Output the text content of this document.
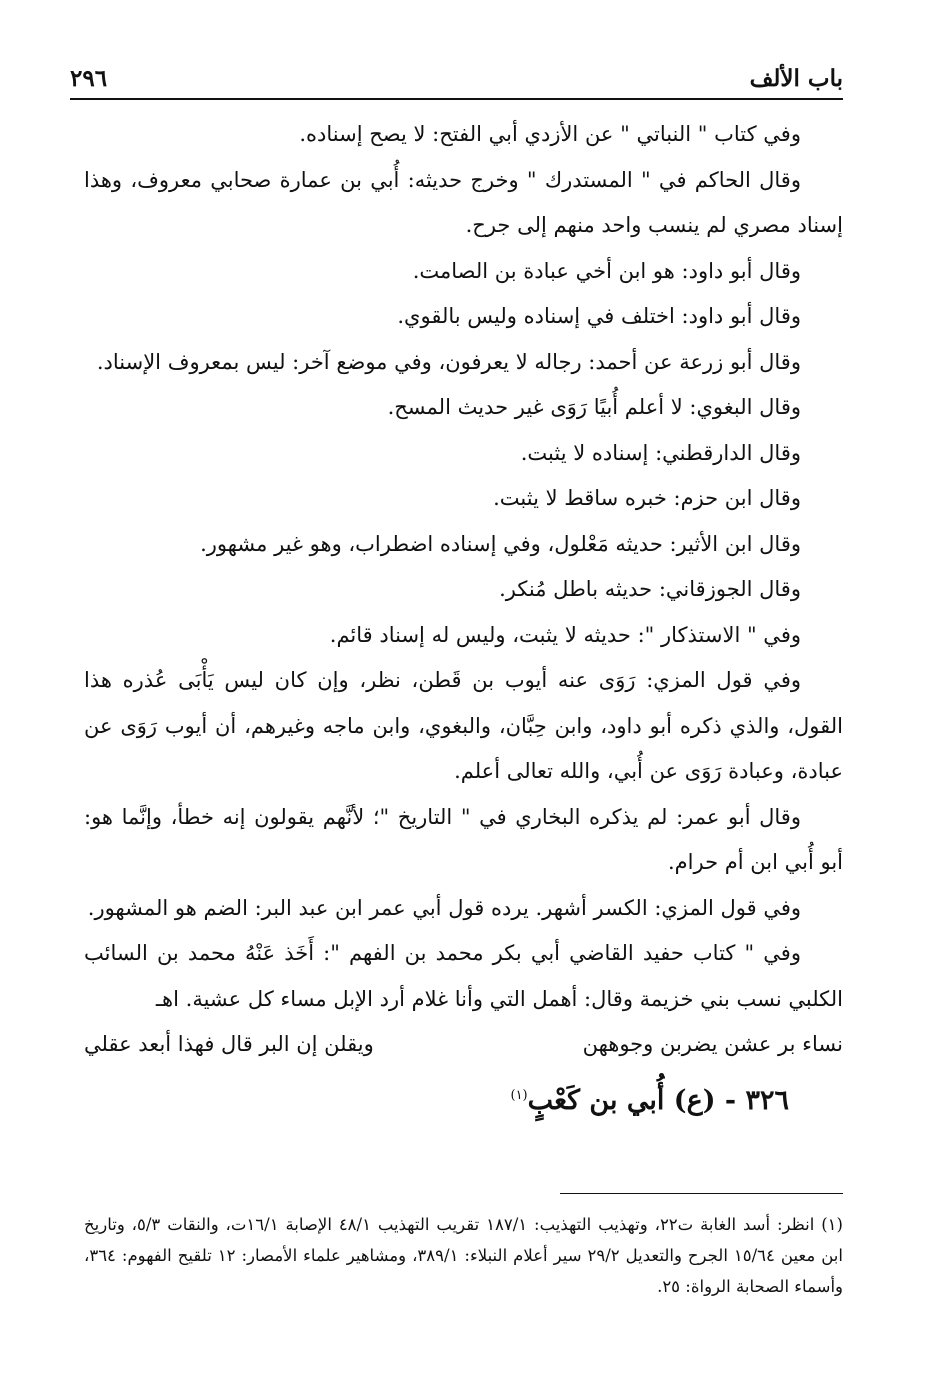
٢٩٦	باب الألف

وفي كتاب " النباتي " عن الأزدي أبي الفتح: لا يصح إسناده.

وقال الحاكم في " المستدرك " وخرج حديثه: أُبي بن عمارة صحابي معروف، وهذا إسناد مصري لم ينسب واحد منهم إلى جرح.

وقال أبو داود: هو ابن أخي عبادة بن الصامت.

وقال أبو داود: اختلف في إسناده وليس بالقوي.

وقال أبو زرعة عن أحمد: رجاله لا يعرفون، وفي موضع آخر: ليس بمعروف الإسناد.

وقال البغوي: لا أعلم أُبيًا رَوَى غير حديث المسح.

وقال الدارقطني: إسناده لا يثبت.

وقال ابن حزم: خبره ساقط لا يثبت.

وقال ابن الأثير: حديثه مَعْلول، وفي إسناده اضطراب، وهو غير مشهور.

وقال الجوزقاني: حديثه باطل مُنكر.

وفي " الاستذكار ": حديثه لا يثبت، وليس له إسناد قائم.

وفي قول المزي: رَوَى عنه أيوب بن قَطن، نظر، وإن كان ليس يَأْبَى عُذره هذا القول، والذي ذكره أبو داود، وابن حِبَّان، والبغوي، وابن ماجه وغيرهم، أن أيوب رَوَى عن عبادة، وعبادة رَوَى عن أُبي، والله تعالى أعلم.

وقال أبو عمر: لم يذكره البخاري في " التاريخ "؛ لأنَّهم يقولون إنه خطأ، وإنَّما هو: أبو أُبي ابن أم حرام.

وفي قول المزي: الكسر أشهر. يرده قول أبي عمر ابن عبد البر: الضم هو المشهور.

وفي " كتاب حفيد القاضي أبي بكر محمد بن الفهم ": أَخَذ عَنْهُ محمد بن السائب الكلبي نسب بني خزيمة وقال: أهمل التي وأنا غلام أرد الإبل مساء كل عشية. اهـ

نساء بر عشن يضربن وجوههن
ويقلن إن البر قال فهذا أبعد عقلي
٣٢٦ - (ع) أُبي بن كَعْبٍ$^{(١)}$

(١) انظر: أسد الغابة ت٢٢، وتهذيب التهذيب: ١٨٧/١ تقريب التهذيب ٤٨/١ الإصابة ١٦/١ت، والنقات ٥/٣، وتاريخ ابن معين ١٥/٦٤ الجرح والتعديل ٢٩/٢ سير أعلام النبلاء: ٣٨٩/١، ومشاهير علماء الأمصار: ١٢ تلقيح الفهوم: ٣٦٤، وأسماء الصحابة الرواة: ٢٥.
